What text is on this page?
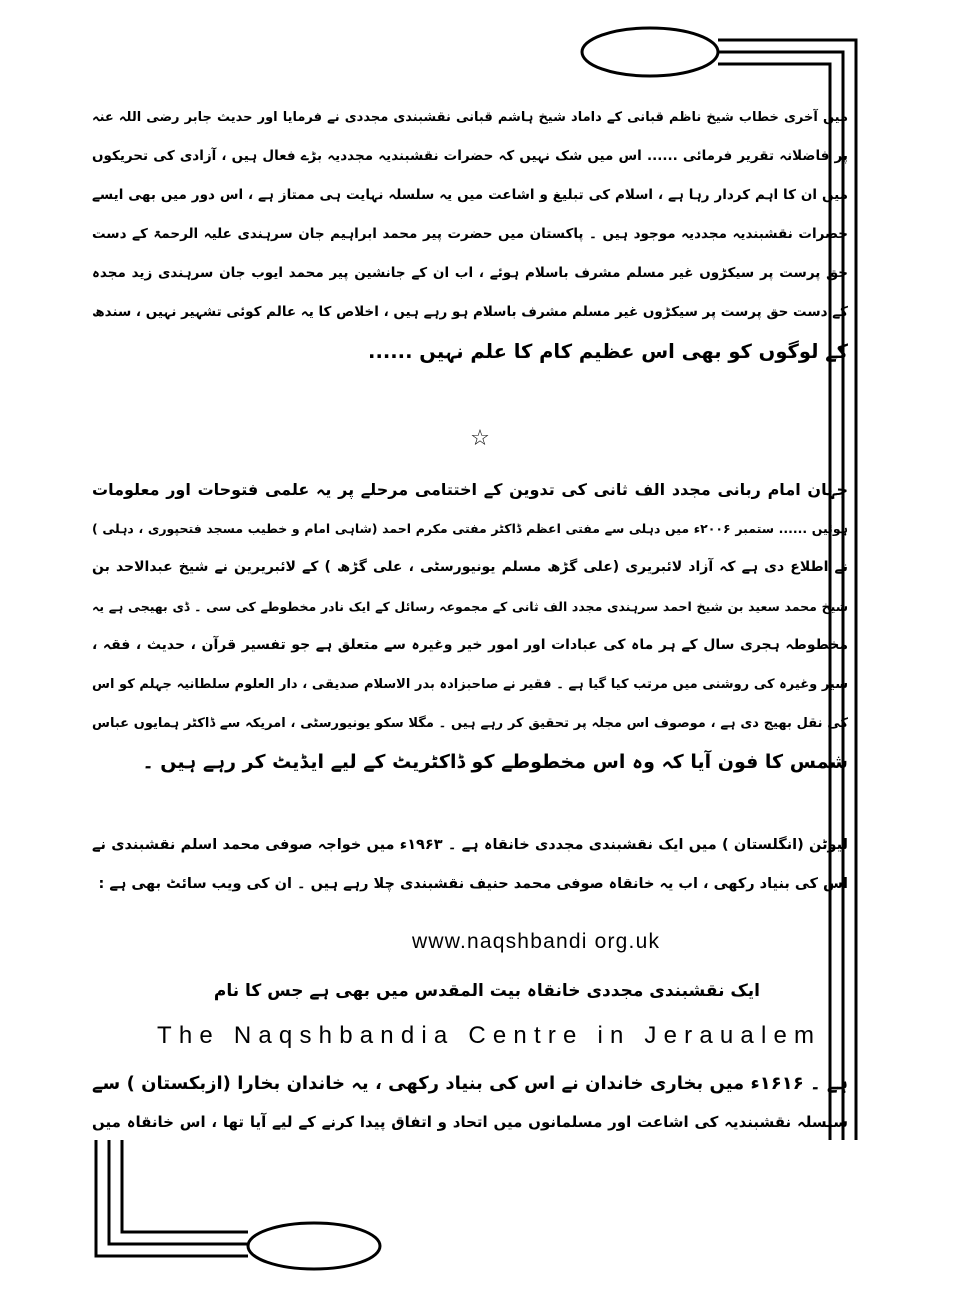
میں آخری خطاب شیخ ناظم قبانی کے داماد شیخ ہاشم قبانی نقشبندی مجددی نے فرمایا اور حدیث جابر رضی اللہ عنہ
پر فاضلانہ تقریر فرمائی ...... اس میں شک نہیں کہ حضرات نقشبندیہ مجددیہ بڑے فعال ہیں ، آزادی کی تحریکوں
میں ان کا اہم کردار رہا ہے ، اسلام کی تبلیغ و اشاعت میں یہ سلسلہ نہایت ہی ممتاز ہے ، اس دور میں بھی ایسے
حضرات نقشبندیہ مجددیہ موجود ہیں ۔ پاکستان میں حضرت پیر محمد ابراہیم جان سرہندی علیہ الرحمۃ کے دست
حق پرست پر سیکڑوں غیر مسلم مشرف باسلام ہوئے ، اب ان کے جانشین پیر محمد ایوب جان سرہندی زید مجدہ
کے دست حق پرست پر سیکڑوں غیر مسلم مشرف باسلام ہو رہے ہیں ، اخلاص کا یہ عالم کوئی تشہیر نہیں ، سندھ
کے لوگوں کو بھی اس عظیم کام کا علم نہیں ......
☆
جہان امام ربانی مجدد الف ثانی کی تدوین کے اختتامی مرحلے پر یہ علمی فتوحات اور معلومات
ہوئیں ...... ستمبر ۲۰۰۶ء میں دہلی سے مفتی اعظم ڈاکٹر مفتی مکرم احمد (شاہی امام و خطیب مسجد فتحپوری ، دہلی )
نے اطلاع دی ہے کہ آزاد لائبریری (علی گڑھ مسلم یونیورسٹی ، علی گڑھ ) کے لائبریرین نے شیخ عبدالاحد بن
شیخ محمد سعید بن شیخ احمد سرہندی مجدد الف ثانی کے مجموعہ رسائل کے ایک نادر مخطوطے کی سی ۔ ڈی بھیجی ہے یہ
مخطوطہ ہجری سال کے ہر ماہ کی عبادات اور امور خیر وغیرہ سے متعلق ہے جو تفسیر قرآن ، حدیث ، فقہ ،
سیر وغیرہ کی روشنی میں مرتب کیا گیا ہے ۔ فقیر نے صاحبزادہ بدر الاسلام صدیقی ، دار العلوم سلطانیہ جہلم کو اس
کی نقل بھیج دی ہے ، موصوف اس مجلہ پر تحقیق کر رہے ہیں ۔ مگلا سکو یونیورسٹی ، امریکہ سے ڈاکٹر ہمایوں عباس
شمس کا فون آیا کہ وہ اس مخطوطے کو ڈاکٹریٹ کے لیے ایڈیٹ کر رہے ہیں ۔
لیوٹن (انگلستان ) میں ایک نقشبندی مجددی خانقاہ ہے ۔ ۱۹۶۳ء میں خواجہ صوفی محمد اسلم نقشبندی نے
اس کی بنیاد رکھی ، اب یہ خانقاہ صوفی محمد حنیف نقشبندی چلا رہے ہیں ۔ ان کی ویب سائٹ بھی ہے :
www.naqshbandi org.uk
ایک نقشبندی مجددی خانقاہ بیت المقدس میں بھی ہے جس کا نام
The Naqshbandia Centre in Jeraualem
ہے ۔ ۱۶۱۶ء میں بخاری خاندان نے اس کی بنیاد رکھی ، یہ خاندان بخارا (ازبکستان ) سے
سلسلہ نقشبندیہ کی اشاعت اور مسلمانوں میں اتحاد و اتفاق پیدا کرنے کے لیے آیا تھا ، اس خانقاہ میں
